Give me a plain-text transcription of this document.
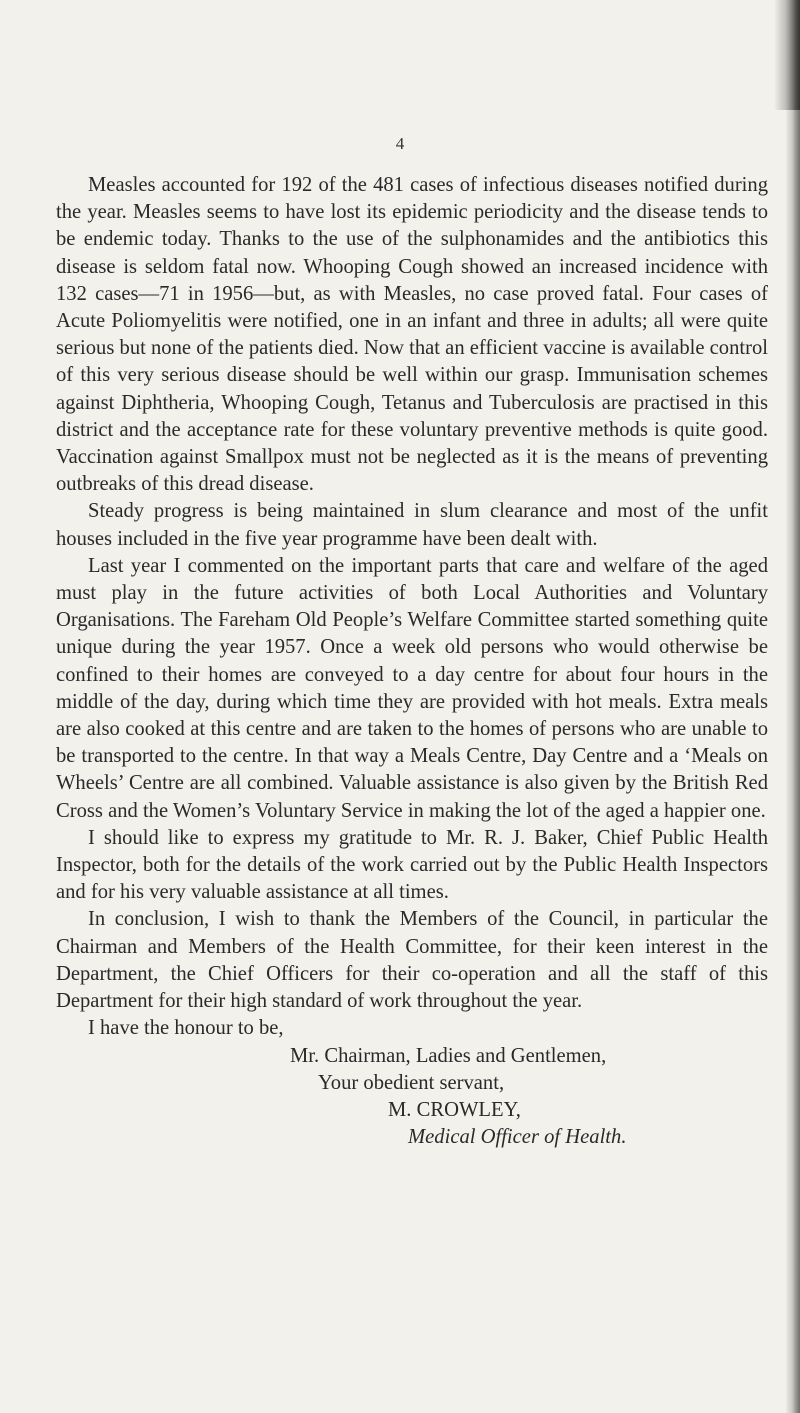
4

Measles accounted for 192 of the 481 cases of infectious diseases notified during the year. Measles seems to have lost its epidemic periodicity and the disease tends to be endemic today. Thanks to the use of the sulphonamides and the antibiotics this disease is seldom fatal now. Whooping Cough showed an increased incidence with 132 cases—71 in 1956—but, as with Measles, no case proved fatal. Four cases of Acute Poliomyelitis were notified, one in an infant and three in adults; all were quite serious but none of the patients died. Now that an efficient vaccine is available control of this very serious disease should be well within our grasp. Immunisation schemes against Diphtheria, Whooping Cough, Tetanus and Tuberculosis are practised in this district and the acceptance rate for these voluntary preventive methods is quite good. Vaccination against Smallpox must not be neglected as it is the means of preventing outbreaks of this dread disease.

Steady progress is being maintained in slum clearance and most of the unfit houses included in the five year programme have been dealt with.

Last year I commented on the important parts that care and welfare of the aged must play in the future activities of both Local Authorities and Voluntary Organisations. The Fareham Old People’s Welfare Committee started something quite unique during the year 1957. Once a week old persons who would otherwise be confined to their homes are conveyed to a day centre for about four hours in the middle of the day, during which time they are provided with hot meals. Extra meals are also cooked at this centre and are taken to the homes of persons who are unable to be transported to the centre. In that way a Meals Centre, Day Centre and a ‘Meals on Wheels’ Centre are all combined. Valuable assistance is also given by the British Red Cross and the Women’s Voluntary Service in making the lot of the aged a happier one.

I should like to express my gratitude to Mr. R. J. Baker, Chief Public Health Inspector, both for the details of the work carried out by the Public Health Inspectors and for his very valuable assistance at all times.

In conclusion, I wish to thank the Members of the Council, in particular the Chairman and Members of the Health Committee, for their keen interest in the Department, the Chief Officers for their co-operation and all the staff of this Department for their high standard of work throughout the year.

I have the honour to be,
Mr. Chairman, Ladies and Gentlemen,
Your obedient servant,
M. CROWLEY,
Medical Officer of Health.
